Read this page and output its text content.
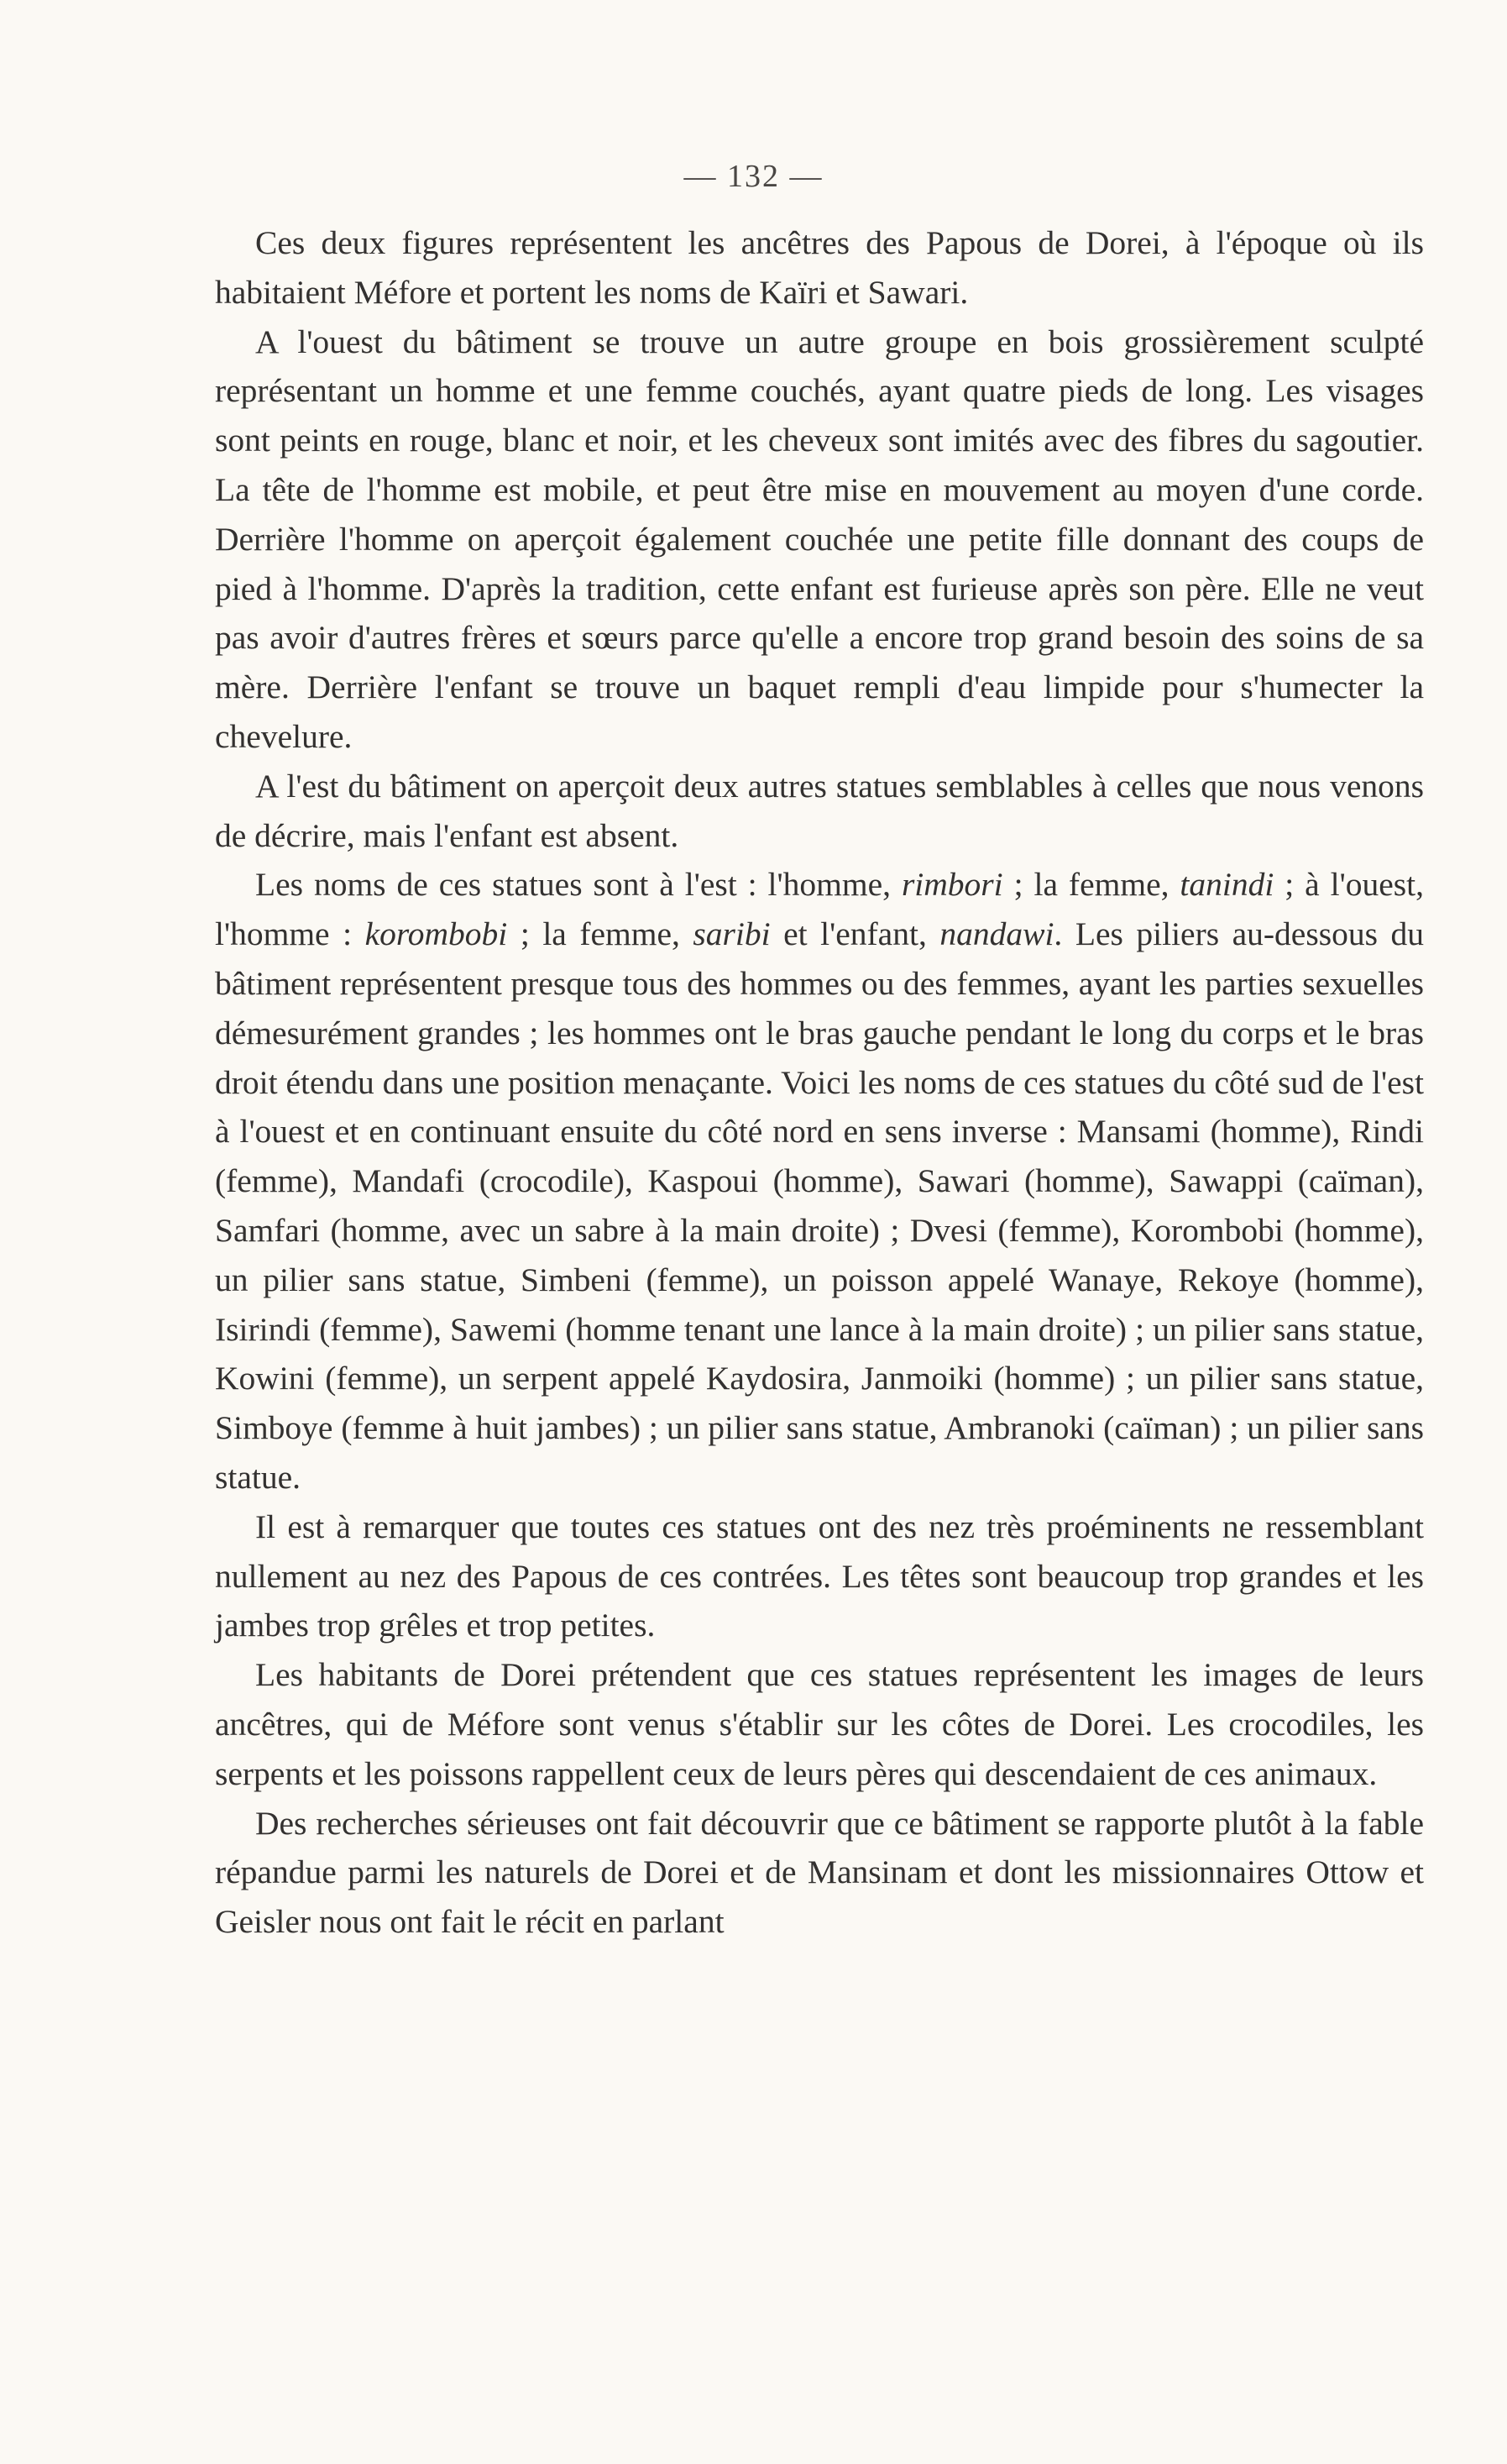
— 132 —

Ces deux figures représentent les ancêtres des Papous de Dorei, à l'époque où ils habitaient Méfore et portent les noms de Kaïri et Sawari.

A l'ouest du bâtiment se trouve un autre groupe en bois grossièrement sculpté représentant un homme et une femme couchés, ayant quatre pieds de long. Les visages sont peints en rouge, blanc et noir, et les cheveux sont imités avec des fibres du sagoutier. La tête de l'homme est mobile, et peut être mise en mouvement au moyen d'une corde. Derrière l'homme on aperçoit également couchée une petite fille donnant des coups de pied à l'homme. D'après la tradition, cette enfant est furieuse après son père. Elle ne veut pas avoir d'autres frères et sœurs parce qu'elle a encore trop grand besoin des soins de sa mère. Derrière l'enfant se trouve un baquet rempli d'eau limpide pour s'humecter la chevelure.

A l'est du bâtiment on aperçoit deux autres statues semblables à celles que nous venons de décrire, mais l'enfant est absent.

Les noms de ces statues sont à l'est : l'homme, rimbori ; la femme, tanindi ; à l'ouest, l'homme : korombobi ; la femme, saribi et l'enfant, nandawi. Les piliers au-dessous du bâtiment représentent presque tous des hommes ou des femmes, ayant les parties sexuelles démesurément grandes ; les hommes ont le bras gauche pendant le long du corps et le bras droit étendu dans une position menaçante. Voici les noms de ces statues du côté sud de l'est à l'ouest et en continuant ensuite du côté nord en sens inverse : Mansami (homme), Rindi (femme), Mandafi (crocodile), Kaspoui (homme), Sawari (homme), Sawappi (caïman), Samfari (homme, avec un sabre à la main droite) ; Dvesi (femme), Korombobi (homme), un pilier sans statue, Simbeni (femme), un poisson appelé Wanaye, Rekoye (homme), Isirindi (femme), Sawemi (homme tenant une lance à la main droite) ; un pilier sans statue, Kowini (femme), un serpent appelé Kaydosira, Janmoiki (homme) ; un pilier sans statue, Simboye (femme à huit jambes) ; un pilier sans statue, Ambranoki (caïman) ; un pilier sans statue.

Il est à remarquer que toutes ces statues ont des nez très proéminents ne ressemblant nullement au nez des Papous de ces contrées. Les têtes sont beaucoup trop grandes et les jambes trop grêles et trop petites.

Les habitants de Dorei prétendent que ces statues représentent les images de leurs ancêtres, qui de Méfore sont venus s'établir sur les côtes de Dorei. Les crocodiles, les serpents et les poissons rappellent ceux de leurs pères qui descendaient de ces animaux.

Des recherches sérieuses ont fait découvrir que ce bâtiment se rapporte plutôt à la fable répandue parmi les naturels de Dorei et de Mansinam et dont les missionnaires Ottow et Geisler nous ont fait le récit en parlant
